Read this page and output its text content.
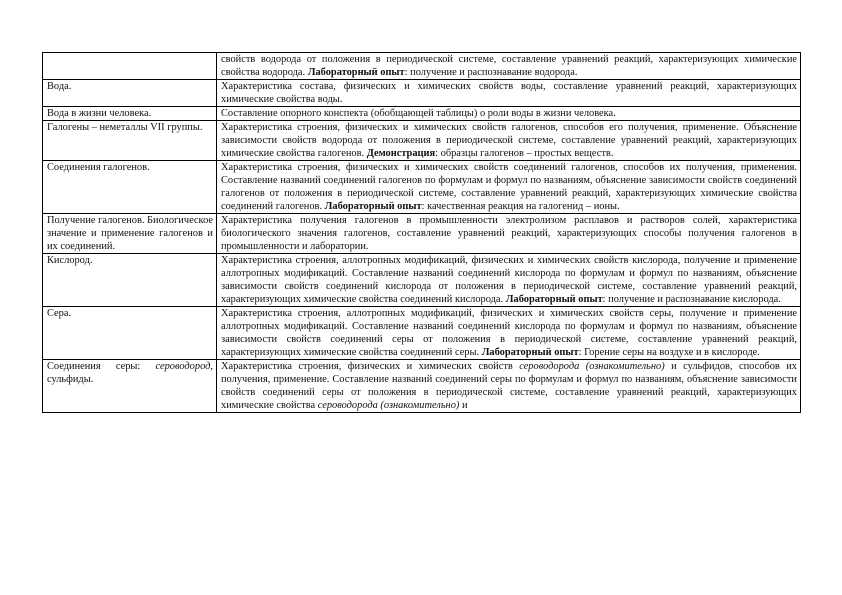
	свойств водорода от положения в периодической системе, составление уравнений реакций, характеризующих химические свойства водорода. Лабораторный опыт: получение и распознавание водорода.
Вода.	Характеристика состава, физических и химических свойств воды, составление уравнений реакций, характеризующих химические свойства воды.
Вода в жизни человека.	Составление опорного конспекта (обобщающей таблицы) о роли воды в жизни человека.
Галогены – неметаллы VII группы.	Характеристика строения, физических и химических свойств галогенов, способов его получения, применение. Объяснение зависимости свойств водорода от положения в периодической системе, составление уравнений реакций, характеризующих химические свойства галогенов. Демонстрация: образцы галогенов – простых веществ.
Соединения галогенов.	Характеристика строения, физических и химических свойств соединений галогенов, способов их получения, применения. Составление названий соединений галогенов по формулам и формул по названиям, объяснение зависимости свойств соединений галогенов от положения в периодической системе, составление уравнений реакций, характеризующих химические свойства соединений галогенов. Лабораторный опыт: качественная реакция на галогенид – ионы.
Получение галогенов. Биологическое значение и применение галогенов и их соединений.	Характеристика получения галогенов в промышленности электролизом расплавов и растворов солей, характеристика биологического значения галогенов, составление уравнений реакций, характеризующих способы получения галогенов в промышленности и лаборатории.
Кислород.	Характеристика строения, аллотропных модификаций, физических и химических свойств кислорода, получение и применение аллотропных модификаций. Составление названий соединений кислорода по формулам и формул по названиям, объяснение зависимости свойств соединений кислорода от положения в периодической системе, составление уравнений реакций, характеризующих химические свойства соединений кислорода. Лабораторный опыт: получение и распознавание кислорода.
Сера.	Характеристика строения, аллотропных модификаций, физических и химических свойств серы, получение и применение аллотропных модификаций. Составление названий соединений кислорода по формулам и формул по названиям, объяснение зависимости свойств соединений серы от положения в периодической системе, составление уравнений реакций, характеризующих химические свойства соединений серы. Лабораторный опыт: Горение серы на воздухе и в кислороде.
Соединения серы: сероводород, сульфиды.	Характеристика строения, физических и химических свойств сероводорода (ознакомительно) и сульфидов, способов их получения, применение. Составление названий соединений серы по формулам и формул по названиям, объяснение зависимости свойств соединений серы от положения в периодической системе, составление уравнений реакций, характеризующих химические свойства сероводорода (ознакомительно) и
